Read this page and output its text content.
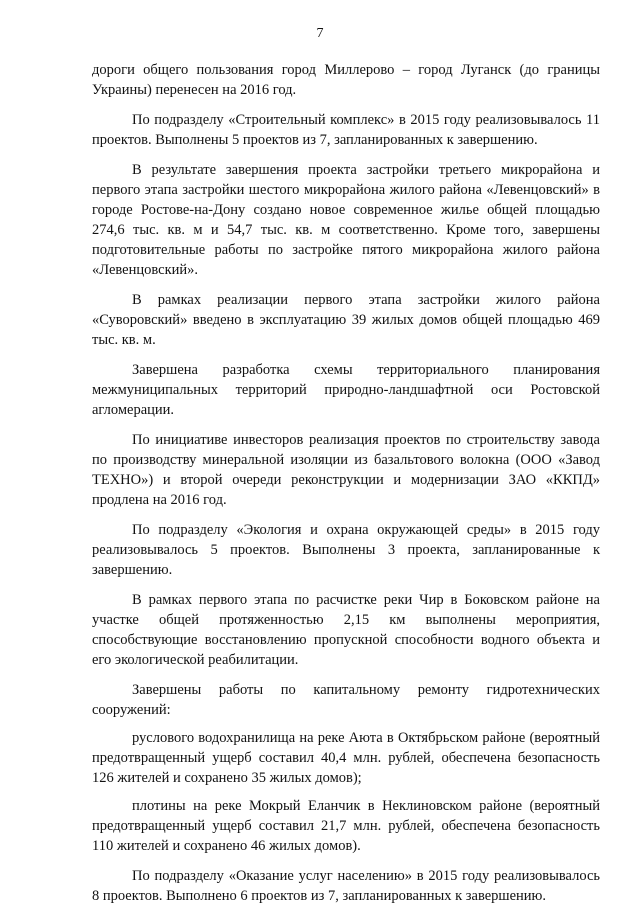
7

дороги общего пользования город Миллерово – город Луганск (до границы Украины) перенесен на 2016 год.

По подразделу «Строительный комплекс» в 2015 году реализовывалось 11 проектов. Выполнены 5 проектов из 7, запланированных к завершению.

В результате завершения проекта застройки третьего микрорайона и первого этапа застройки шестого микрорайона жилого района «Левенцовский» в городе Ростове-на-Дону создано новое современное жилье общей площадью 274,6 тыс. кв. м и 54,7 тыс. кв. м соответственно. Кроме того, завершены подготовительные работы по застройке пятого микрорайона жилого района «Левенцовский».

В рамках реализации первого этапа застройки жилого района «Суворовский» введено в эксплуатацию 39 жилых домов общей площадью 469 тыс. кв. м.

Завершена разработка схемы территориального планирования межмуниципальных территорий природно-ландшафтной оси Ростовской агломерации.

По инициативе инвесторов реализация проектов по строительству завода по производству минеральной изоляции из базальтового волокна (ООО «Завод ТЕХНО») и второй очереди реконструкции и модернизации ЗАО «ККПД» продлена на 2016 год.

По подразделу «Экология и охрана окружающей среды» в 2015 году реализовывалось 5 проектов. Выполнены 3 проекта, запланированные к завершению.

В рамках первого этапа по расчистке реки Чир в Боковском районе на участке общей протяженностью 2,15 км выполнены мероприятия, способствующие восстановлению пропускной способности водного объекта и его экологической реабилитации.

Завершены работы по капитальному ремонту гидротехнических сооружений:

руслового водохранилища на реке Аюта в Октябрьском районе (вероятный предотвращенный ущерб составил 40,4 млн. рублей, обеспечена безопасность 126 жителей и сохранено 35 жилых домов);

плотины на реке Мокрый Еланчик в Неклиновском районе (вероятный предотвращенный ущерб составил 21,7 млн. рублей, обеспечена безопасность 110 жителей и сохранено 46 жилых домов).

По подразделу «Оказание услуг населению» в 2015 году реализовывалось 8 проектов. Выполнено 6 проектов из 7, запланированных к завершению.
